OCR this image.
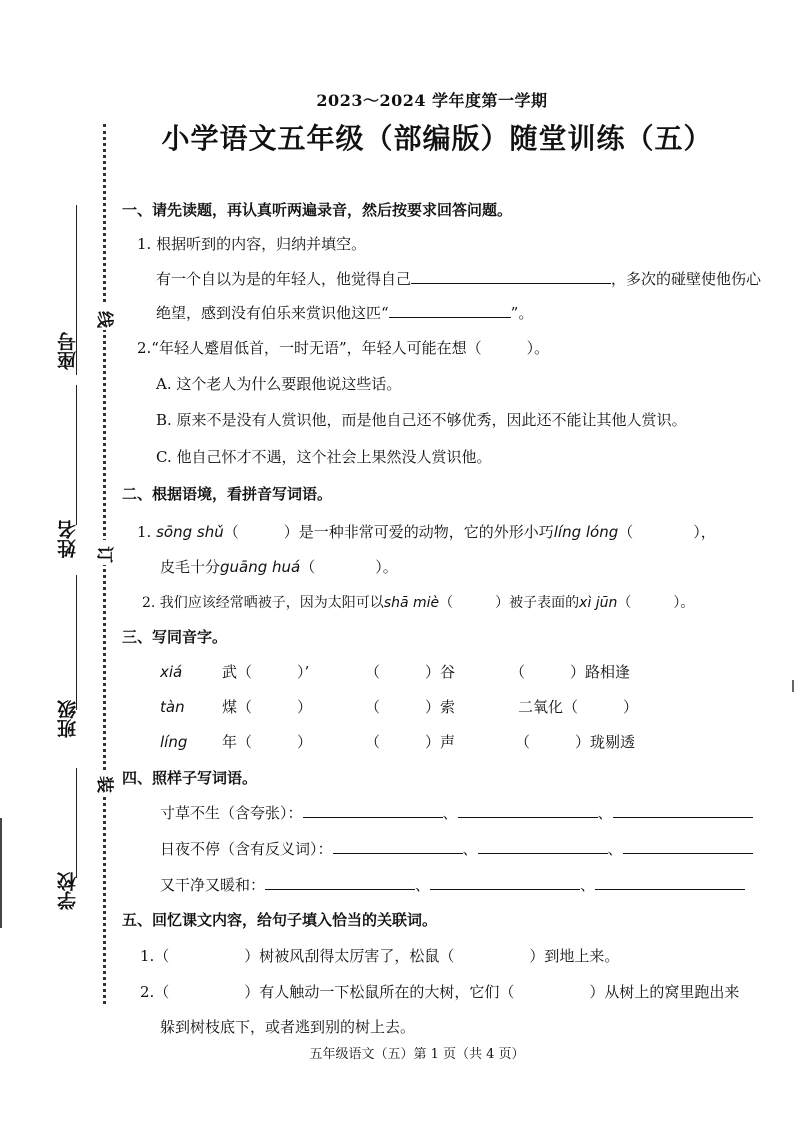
座号
姓名
班级
学校
线
订
装
2023～2024 学年度第一学期
小学语文五年级（部编版）随堂训练（五）
一、请先读题，再认真听两遍录音，然后按要求回答问题。
1. 根据听到的内容，归纳并填空。
有一个自以为是的年轻人，他觉得自己	，多次的碰壁使他伤心
绝望，感到没有伯乐来赏识他这匹“	”。
2.“年轻人蹙眉低首，一时无语”，年轻人可能在想（　　　）。
A. 这个老人为什么要跟他说这些话。
B. 原来不是没有人赏识他，而是他自己还不够优秀，因此还不能让其他人赏识。
C. 他自己怀才不遇，这个社会上果然没人赏识他。
二、根据语境，看拼音写词语。
1. sōng shǔ（　　　）是一种非常可爱的动物，它的外形小巧líng lóng（　　　　），
皮毛十分guāng huá（　　　　）。
2. 我们应该经常晒被子，因为太阳可以shā miè（　　　）被子表面的xì jūn（　　　）。
三、写同音字。
xiá	武（　　　）’	（　　　）谷	（　　　）路相逢
tàn 煤（　　　）	（　　　）索	二氧化（　　　）
líng 年（　　　）	（　　　）声	（　　　）珑剔透
四、照样子写词语。
寸草不生（含夸张）：	、	、
日夜不停（含有反义词）：	、	、
又干净又暖和：	、	、
五、回忆课文内容，给句子填入恰当的关联词。
1.（　　　　　）树被风刮得太厉害了，松鼠（　　　　　）到地上来。
2.（　　　　　）有人触动一下松鼠所在的大树，它们（　　　　　）从树上的窝里跑出来
躲到树枝底下，或者逃到别的树上去。
五年级语文（五）第 1 页（共 4 页）
